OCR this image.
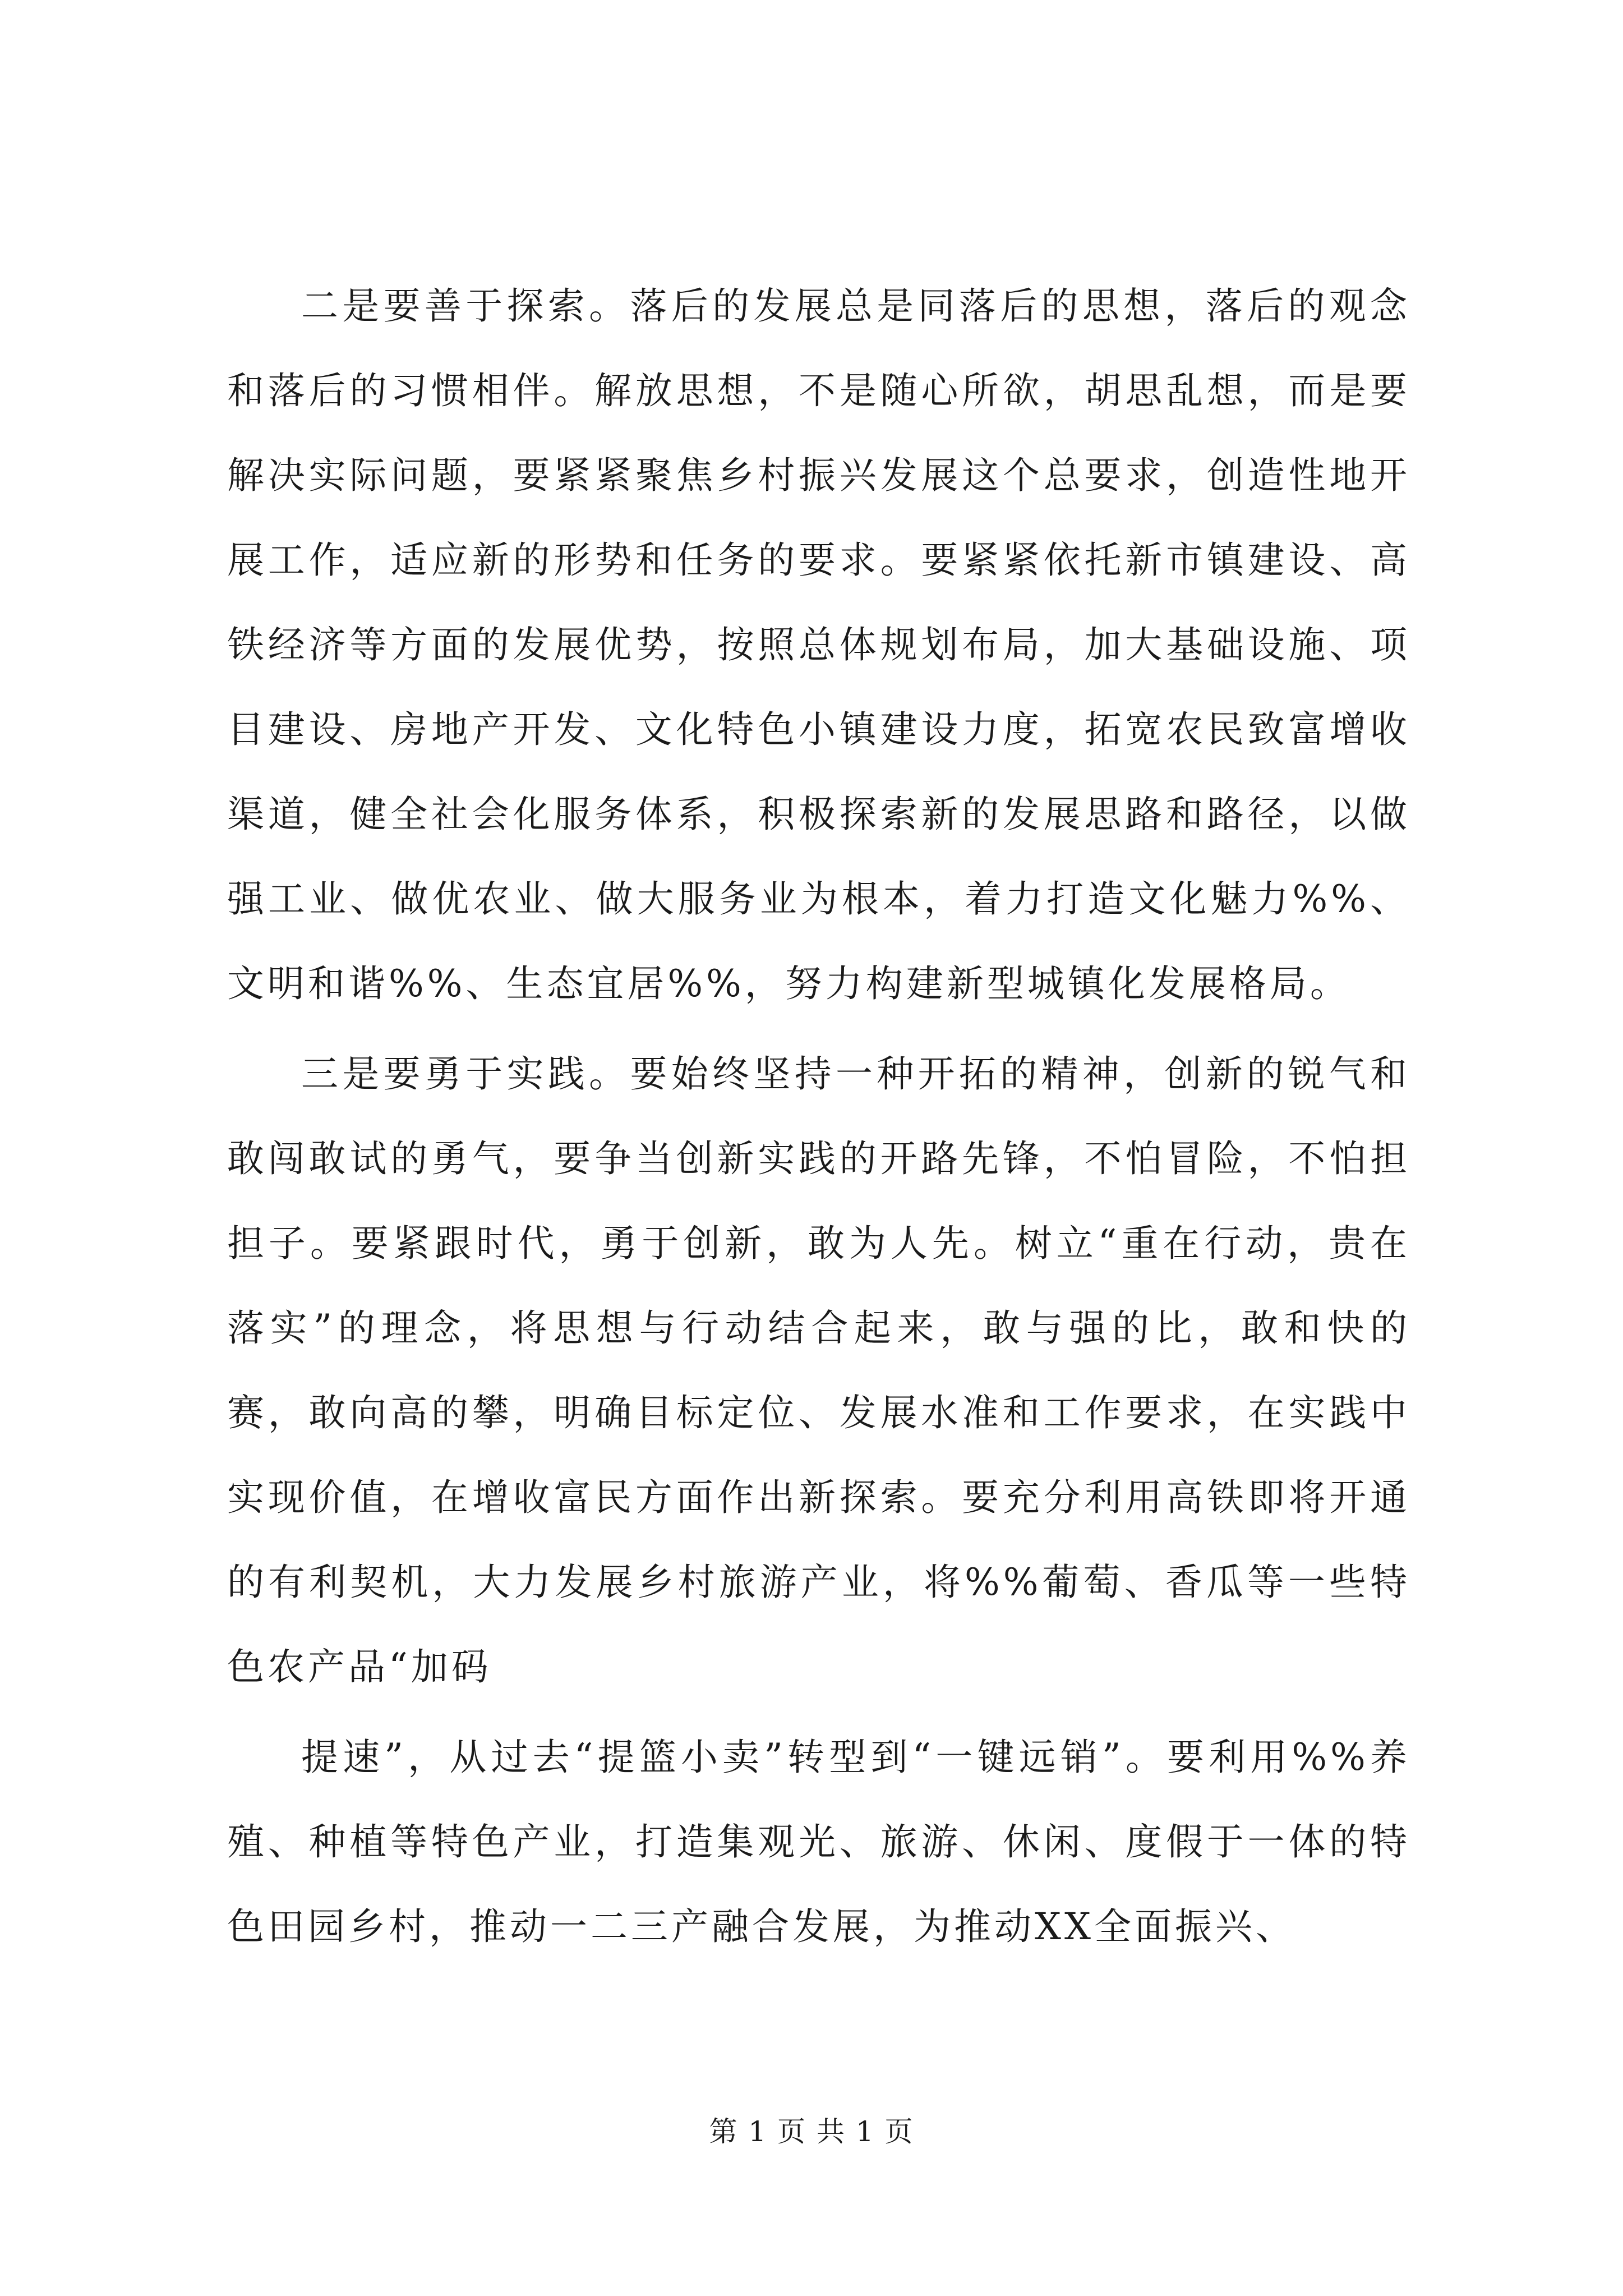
二是要善于探索。落后的发展总是同落后的思想，落后的观念和落后的习惯相伴。解放思想，不是随心所欲，胡思乱想，而是要解决实际问题，要紧紧聚焦乡村振兴发展这个总要求，创造性地开展工作，适应新的形势和任务的要求。要紧紧依托新市镇建设、高铁经济等方面的发展优势，按照总体规划布局，加大基础设施、项目建设、房地产开发、文化特色小镇建设力度，拓宽农民致富增收渠道，健全社会化服务体系，积极探索新的发展思路和路径，以做强工业、做优农业、做大服务业为根本，着力打造文化魅力%%、文明和谐%%、生态宜居%%，努力构建新型城镇化发展格局。

三是要勇于实践。要始终坚持一种开拓的精神，创新的锐气和敢闯敢试的勇气，要争当创新实践的开路先锋，不怕冒险，不怕担担子。要紧跟时代，勇于创新，敢为人先。树立“重在行动，贵在落实”的理念，将思想与行动结合起来，敢与强的比，敢和快的赛，敢向高的攀，明确目标定位、发展水准和工作要求，在实践中实现价值，在增收富民方面作出新探索。要充分利用高铁即将开通的有利契机，大力发展乡村旅游产业，将%%葡萄、香瓜等一些特色农产品“加码

提速”，从过去“提篮小卖”转型到“一键远销”。要利用%%养殖、种植等特色产业，打造集观光、旅游、休闲、度假于一体的特色田园乡村，推动一二三产融合发展，为推动XX全面振兴、

第 1 页 共 1 页
